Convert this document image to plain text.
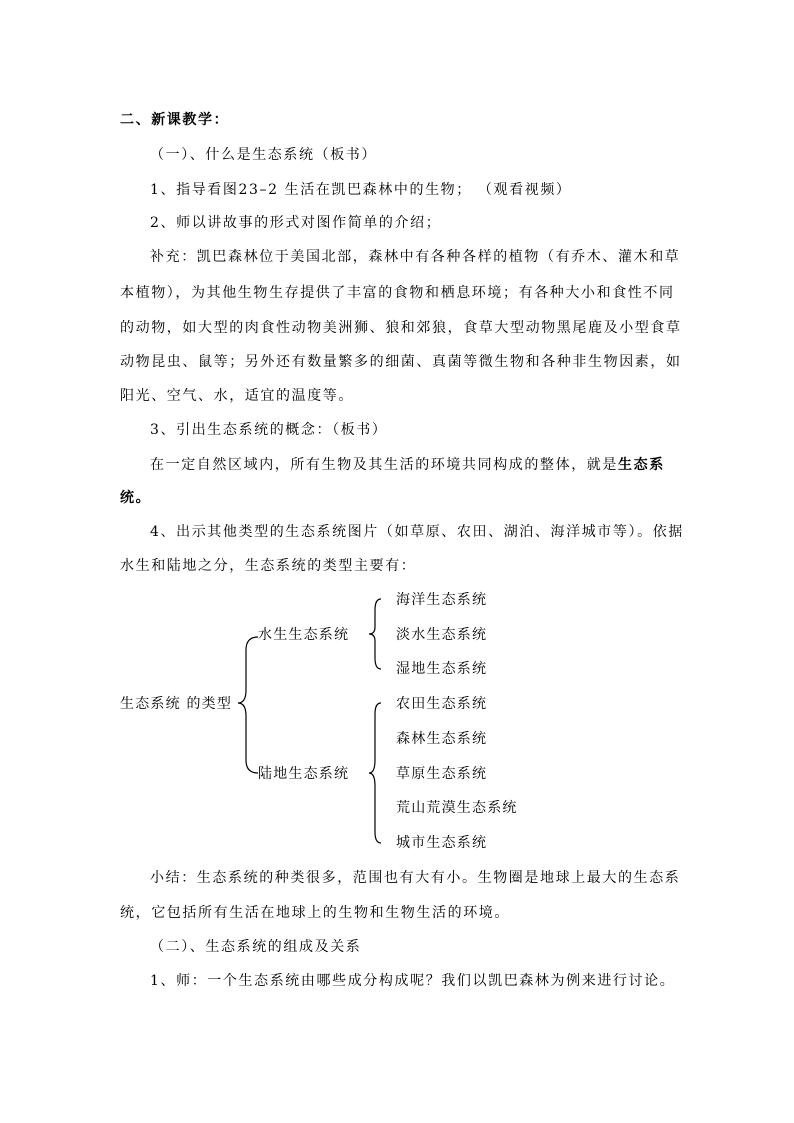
二、新课教学：
（一）、什么是生态系统（板书）
1、指导看图23–2 生活在凯巴森林中的生物； （观看视频）
2、师以讲故事的形式对图作简单的介绍；
补充：凯巴森林位于美国北部，森林中有各种各样的植物（有乔木、灌木和草
本植物），为其他生物生存提供了丰富的食物和栖息环境；有各种大小和食性不同
的动物，如大型的肉食性动物美洲狮、狼和郊狼，食草大型动物黑尾鹿及小型食草
动物昆虫、鼠等；另外还有数量繁多的细菌、真菌等微生物和各种非生物因素，如
阳光、空气、水，适宜的温度等。
3、引出生态系统的概念：（板书）
在一定自然区域内，所有生物及其生活的环境共同构成的整体，就是生态系
统。
4、出示其他类型的生态系统图片（如草原、农田、湖泊、海洋城市等）。依据
水生和陆地之分，生态系统的类型主要有：
生态系统 的类型
水生生态系统
海洋生态系统
淡水生态系统
湿地生态系统
陆地生态系统
农田生态系统
森林生态系统
草原生态系统
荒山荒漠生态系统
城市生态系统
小结：生态系统的种类很多，范围也有大有小。生物圈是地球上最大的生态系
统，它包括所有生活在地球上的生物和生物生活的环境。
（二）、生态系统的组成及关系
1、师：一个生态系统由哪些成分构成呢？我们以凯巴森林为例来进行讨论。
